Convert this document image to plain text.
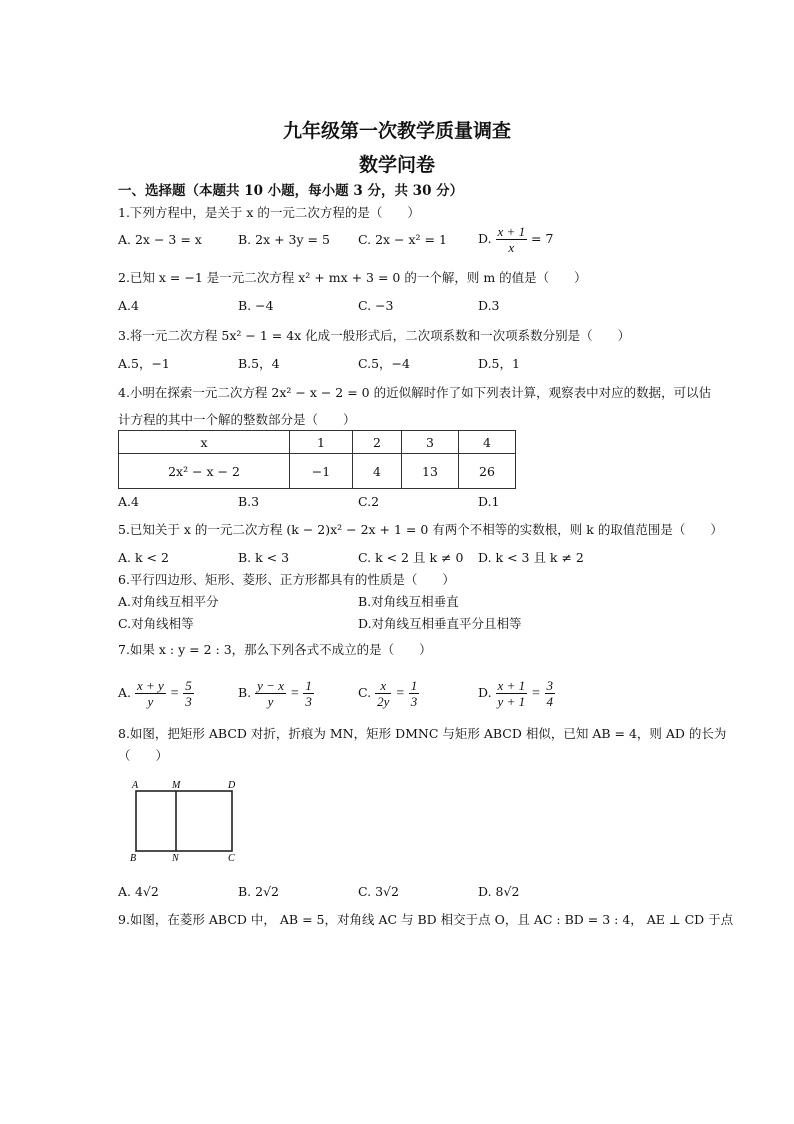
九年级第一次教学质量调查
数学问卷
一、选择题（本题共 10 小题，每小题 3 分，共 30 分）
1.下列方程中，是关于 x 的一元二次方程的是（　　）
A. 2x − 3 = x	B. 2x + 3y = 5 C. 2x − x² = 1 D. $\frac{x + 1}{x} = 7$
2.已知 x = −1 是一元二次方程 x² + mx + 3 = 0 的一个解，则 m 的值是（　　）
A.4	B. −4	C. −3	D.3
3.将一元二次方程 5x² − 1 = 4x 化成一般形式后，二次项系数和一次项系数分别是（　　）
A.5，−1	B.5，4	C.5，−4	D.5，1
4.小明在探索一元二次方程 2x² − x − 2 = 0 的近似解时作了如下列表计算，观察表中对应的数据，可以估
计方程的其中一个解的整数部分是（　　）
x	1	2	3	4
2x² − x − 2	−1	4	13	26
A.4	B.3	C.2	D.1
5.已知关于 x 的一元二次方程 (k − 2)x² − 2x + 1 = 0 有两个不相等的实数根，则 k 的取值范围是（　　）
A. k < 2	B. k < 3	C. k < 2 且 k ≠ 0 D. k < 3 且 k ≠ 2
6.平行四边形、矩形、菱形、正方形都具有的性质是（　　）
A.对角线互相平分	B.对角线互相垂直
C.对角线相等	D.对角线互相垂直平分且相等
7.如果 x : y = 2 : 3，那么下列各式不成立的是（　　）
A. $\frac{x + y}{y} = \frac{5}{3}$	B. $\frac{y - x}{y} = \frac{1}{3}$	C. $\frac{x}{2y} = \frac{1}{3}$	D. $\frac{x + 1}{y + 1} = \frac{3}{4}$
8.如图，把矩形 ABCD 对折，折痕为 MN，矩形 DMNC 与矩形 ABCD 相似，已知 AB = 4，则 AD 的长为
（　　）
A	M	D
B	N	C
A. 4√2	B. 2√2	C. 3√2	D. 8√2
9.如图，在菱形 ABCD 中， AB = 5，对角线 AC 与 BD 相交于点 O，且 AC : BD = 3 : 4， AE ⊥ CD 于点
